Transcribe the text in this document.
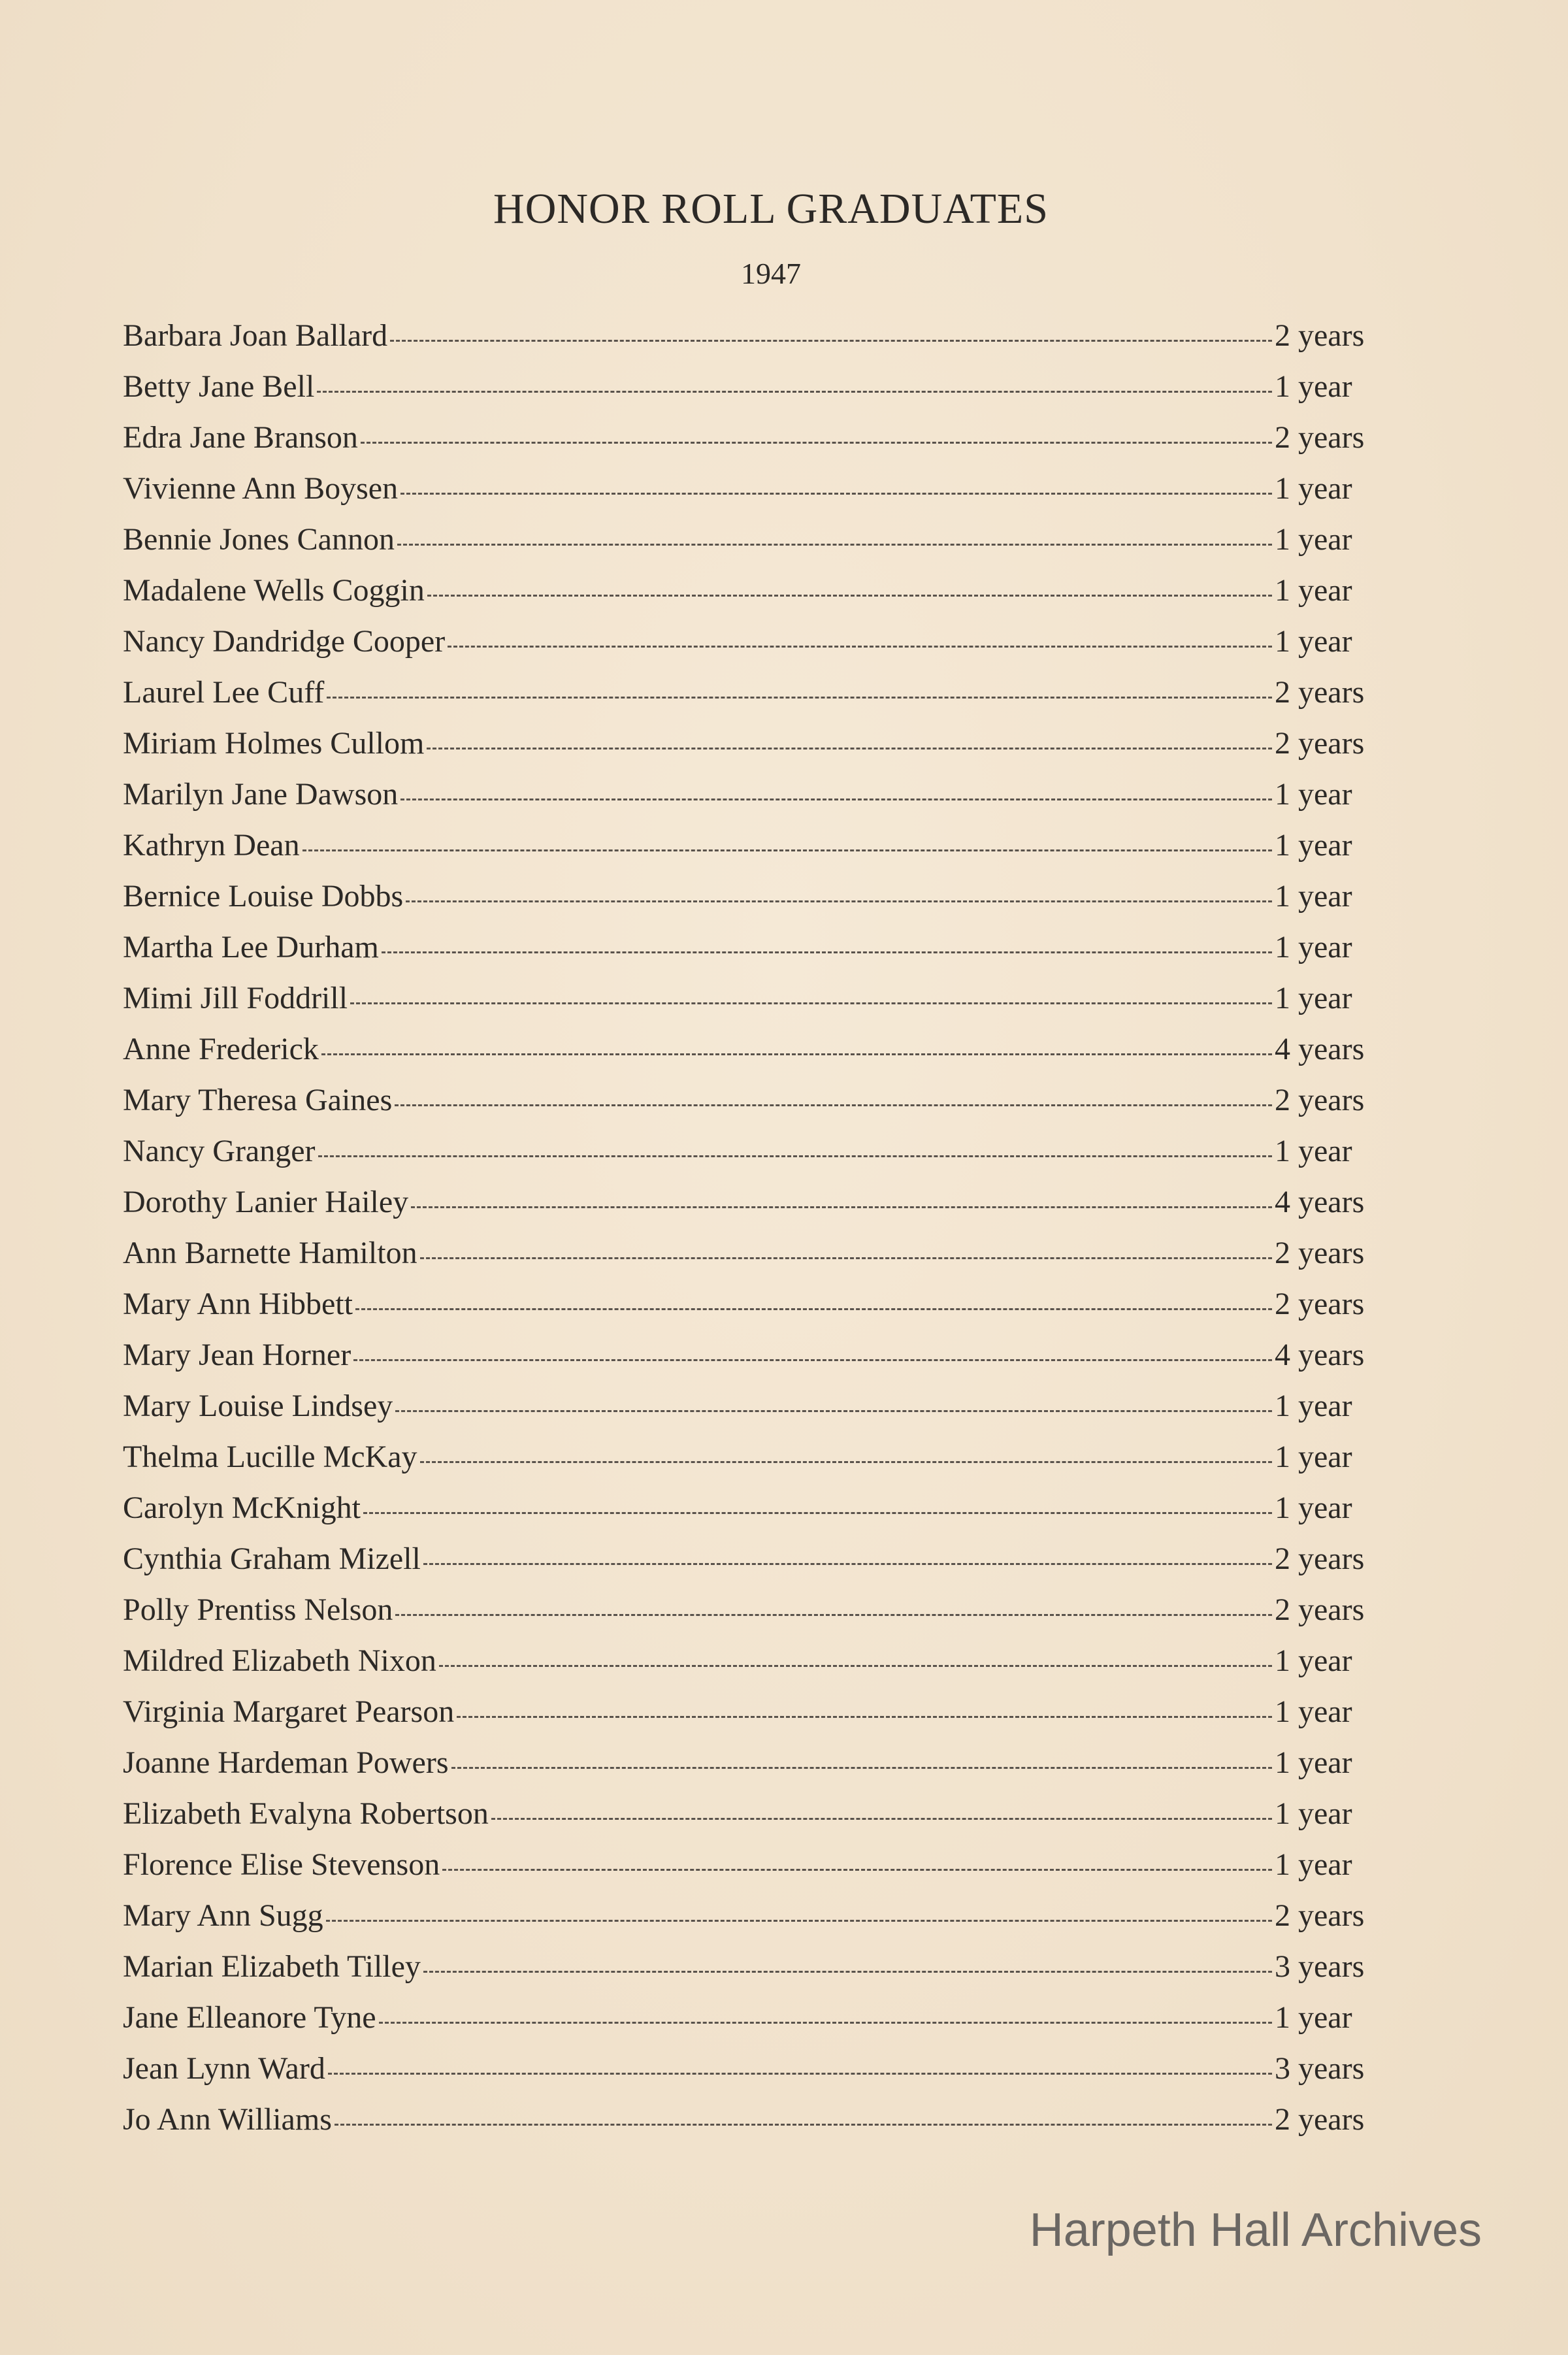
HONOR ROLL GRADUATES
1947
Barbara Joan Ballard	2 years
Betty Jane Bell	1 year
Edra Jane Branson	2 years
Vivienne Ann Boysen	1 year
Bennie Jones Cannon	1 year
Madalene Wells Coggin	1 year
Nancy Dandridge Cooper	1 year
Laurel Lee Cuff	2 years
Miriam Holmes Cullom	2 years
Marilyn Jane Dawson	1 year
Kathryn Dean	1 year
Bernice Louise Dobbs	1 year
Martha Lee Durham	1 year
Mimi Jill Foddrill	1 year
Anne Frederick	4 years
Mary Theresa Gaines	2 years
Nancy Granger	1 year
Dorothy Lanier Hailey	4 years
Ann Barnette Hamilton	2 years
Mary Ann Hibbett	2 years
Mary Jean Horner	4 years
Mary Louise Lindsey	1 year
Thelma Lucille McKay	1 year
Carolyn McKnight	1 year
Cynthia Graham Mizell	2 years
Polly Prentiss Nelson	2 years
Mildred Elizabeth Nixon	1 year
Virginia Margaret Pearson	1 year
Joanne Hardeman Powers	1 year
Elizabeth Evalyna Robertson	1 year
Florence Elise Stevenson	1 year
Mary Ann Sugg	2 years
Marian Elizabeth Tilley	3 years
Jane Elleanore Tyne	1 year
Jean Lynn Ward	3 years
Jo Ann Williams	2 years
Harpeth Hall Archives
